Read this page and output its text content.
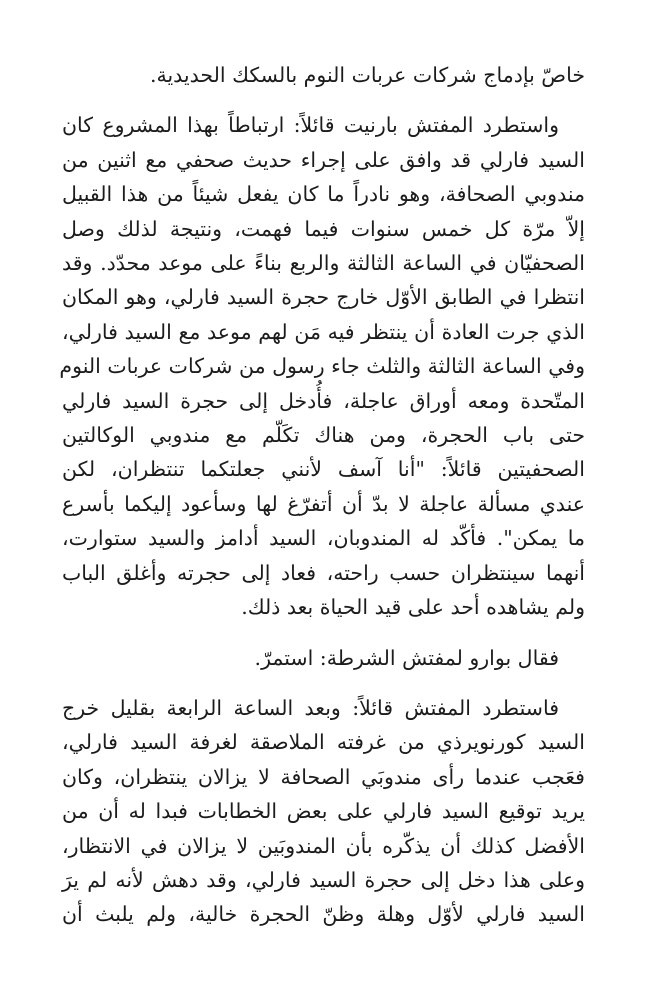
خاصّ بإدماج شركات عربات النوم بالسكك الحديدية.

واستطرد المفتش بارنيت قائلاً: ارتباطاً بهذا المشروع كان
السيد فارلي قد وافق على إجراء حديث صحفي مع اثنين من
مندوبي الصحافة، وهو نادراً ما كان يفعل شيئاً من هذا القبيل
إلاّ مرّة كل خمس سنوات فيما فهمت، ونتيجة لذلك وصل
الصحفيّان في الساعة الثالثة والربع بناءً على موعد محدّد. وقد
انتظرا في الطابق الأوّل خارج حجرة السيد فارلي، وهو المكان
الذي جرت العادة أن ينتظر فيه مَن لهم موعد مع السيد فارلي،
وفي الساعة الثالثة والثلث جاء رسول من شركات عربات النوم
المتّحدة ومعه أوراق عاجلة، فأُدخل إلى حجرة السيد فارلي
حتى باب الحجرة، ومن هناك تكَلّم مع مندوبي الوكالتين
الصحفيتين قائلاً: "أنا آسف لأنني جعلتكما تنتظران، لكن
عندي مسألة عاجلة لا بدّ أن أتفرّغ لها وسأعود إليكما بأسرع
ما يمكن". فأكّد له المندوبان، السيد أدامز والسيد ستوارت،
أنهما سينتظران حسب راحته، فعاد إلى حجرته وأغلق الباب
ولم يشاهده أحد على قيد الحياة بعد ذلك.

فقال بوارو لمفتش الشرطة: استمرّ.

فاستطرد المفتش قائلاً: وبعد الساعة الرابعة بقليل خرج
السيد كورنويرذي من غرفته الملاصقة لغرفة السيد فارلي،
فعَجب عندما رأى مندوبَي الصحافة لا يزالان ينتظران، وكان
يريد توقيع السيد فارلي على بعض الخطابات فبدا له أن من
الأفضل كذلك أن يذكّره بأن المندوبَين لا يزالان في الانتظار،
وعلى هذا دخل إلى حجرة السيد فارلي، وقد دهش لأنه لم يرَ
السيد فارلي لأوّل وهلة وظنّ الحجرة خالية، ولم يلبث أن
